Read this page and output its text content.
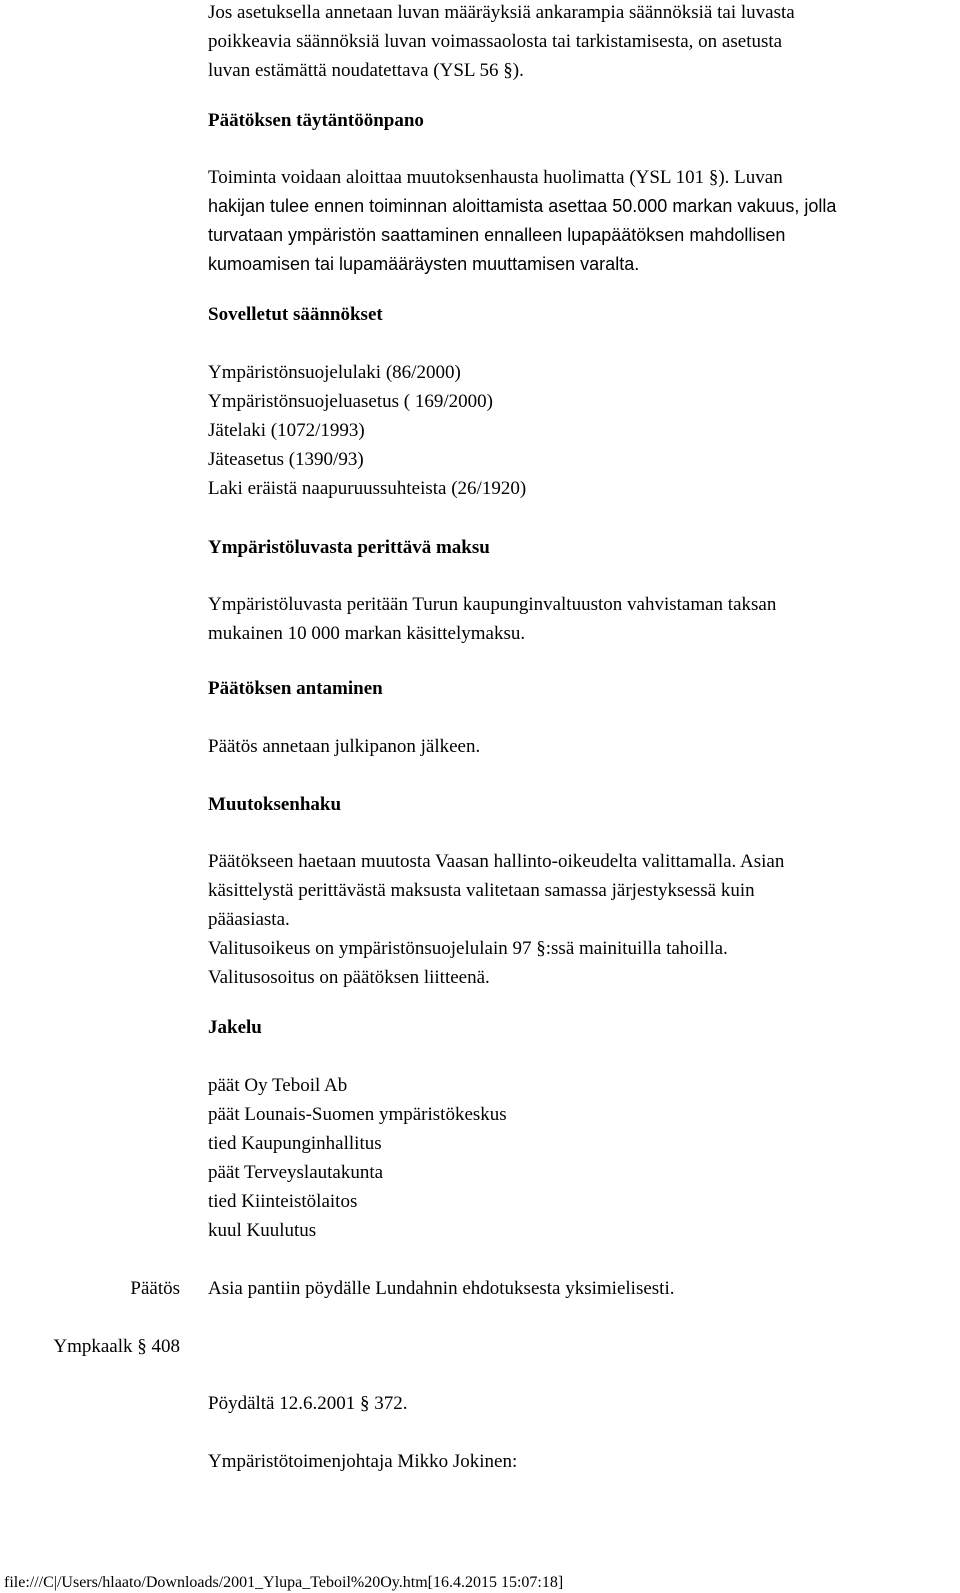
Jos asetuksella annetaan luvan määräyksiä ankarampia säännöksiä tai luvasta

poikkeavia säännöksiä luvan voimassaolosta tai tarkistamisesta, on asetusta

luvan estämättä noudatettava (YSL 56 §).

Päätöksen täytäntöönpano

Toiminta voidaan aloittaa muutoksenhausta huolimatta (YSL 101 §). Luvan

hakijan tulee ennen toiminnan aloittamista asettaa 50.000 markan vakuus, jolla

turvataan ympäristön saattaminen ennalleen lupapäätöksen mahdollisen

kumoamisen tai lupamääräysten muuttamisen varalta.

Sovelletut säännökset

Ympäristönsuojelulaki (86/2000)

Ympäristönsuojeluasetus ( 169/2000)

Jätelaki (1072/1993)

Jäteasetus (1390/93)

Laki eräistä naapuruussuhteista (26/1920)

Ympäristöluvasta perittävä maksu

Ympäristöluvasta peritään Turun kaupunginvaltuuston vahvistaman taksan

mukainen 10 000 markan käsittelymaksu.

Päätöksen antaminen
Päätös annetaan julkipanon jälkeen.
Muutoksenhaku

Päätökseen haetaan muutosta Vaasan hallinto-oikeudelta valittamalla. Asian

käsittelystä perittävästä maksusta valitetaan samassa järjestyksessä kuin

pääasiasta.

Valitusoikeus on ympäristönsuojelulain 97 §:ssä mainituilla tahoilla.

Valitusosoitus on päätöksen liitteenä.

Jakelu

päät Oy Teboil Ab

päät Lounais-Suomen ympäristökeskus

tied Kaupunginhallitus

päät Terveyslautakunta

tied Kiinteistölaitos

kuul Kuulutus

Päätös Asia pantiin pöydälle Lundahnin ehdotuksesta yksimielisesti.
Ympkaalk § 408
Pöydältä 12.6.2001 § 372.
Ympäristötoimenjohtaja Mikko Jokinen:
file:///C|/Users/hlaato/Downloads/2001_Ylupa_Teboil%20Oy.htm[16.4.2015 15:07:18]
